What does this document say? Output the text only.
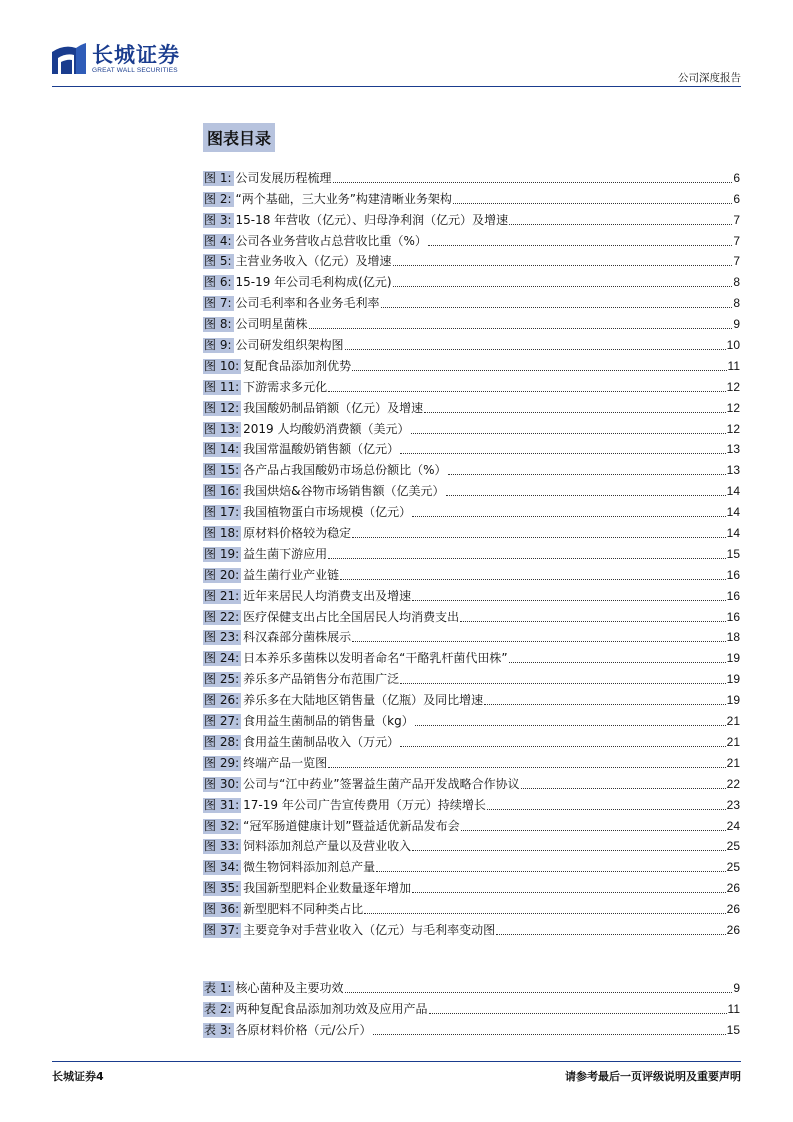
长城证券
GREAT WALL SECURITIES
公司深度报告
图表目录
图 1: 公司发展历程梳理	6
图 2: “两个基础，三大业务”构建清晰业务架构	6
图 3: 15-18 年营收（亿元）、归母净利润（亿元）及增速	7
图 4: 公司各业务营收占总营收比重（%）	7
图 5: 主营业务收入（亿元）及增速	7
图 6: 15-19 年公司毛利构成(亿元)	8
图 7: 公司毛利率和各业务毛利率	8
图 8: 公司明星菌株	9
图 9: 公司研发组织架构图	10
图 10: 复配食品添加剂优势	11
图 11: 下游需求多元化	12
图 12: 我国酸奶制品销额（亿元）及增速	12
图 13: 2019 人均酸奶消费额（美元）	12
图 14: 我国常温酸奶销售额（亿元）	13
图 15: 各产品占我国酸奶市场总份额比（%）	13
图 16: 我国烘焙&谷物市场销售额（亿美元）	14
图 17: 我国植物蛋白市场规模（亿元）	14
图 18: 原材料价格较为稳定	14
图 19: 益生菌下游应用	15
图 20: 益生菌行业产业链	16
图 21: 近年来居民人均消费支出及增速	16
图 22: 医疗保健支出占比全国居民人均消费支出	16
图 23: 科汉森部分菌株展示	18
图 24: 日本养乐多菌株以发明者命名“干酪乳杆菌代田株”	19
图 25: 养乐多产品销售分布范围广泛	19
图 26: 养乐多在大陆地区销售量（亿瓶）及同比增速	19
图 27: 食用益生菌制品的销售量（kg）	21
图 28: 食用益生菌制品收入（万元）	21
图 29: 终端产品一览图	21
图 30: 公司与“江中药业”签署益生菌产品开发战略合作协议	22
图 31: 17-19 年公司广告宣传费用（万元）持续增长	23
图 32: “冠军肠道健康计划”暨益适优新品发布会	24
图 33: 饲料添加剂总产量以及营业收入	25
图 34: 微生物饲料添加剂总产量	25
图 35: 我国新型肥料企业数量逐年增加	26
图 36: 新型肥料不同种类占比	26
图 37: 主要竞争对手营业收入（亿元）与毛利率变动图	26
表 1: 核心菌种及主要功效	9
表 2: 两种复配食品添加剂功效及应用产品	11
表 3: 各原材料价格（元/公斤）	15
长城证券4	请参考最后一页评级说明及重要声明
